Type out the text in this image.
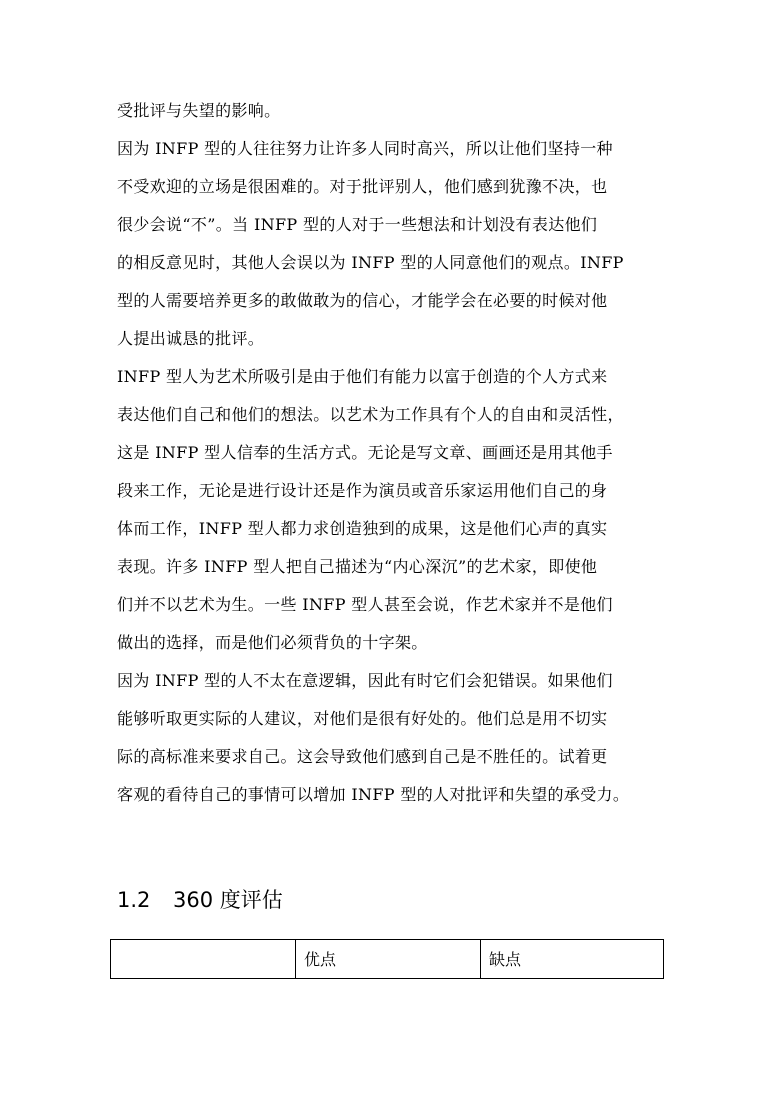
受批评与失望的影响。
因为 INFP 型的人往往努力让许多人同时高兴，所以让他们坚持一种
不受欢迎的立场是很困难的。对于批评别人，他们感到犹豫不决，也
很少会说“不”。当 INFP 型的人对于一些想法和计划没有表达他们
的相反意见时，其他人会误以为 INFP 型的人同意他们的观点。INFP
型的人需要培养更多的敢做敢为的信心，才能学会在必要的时候对他
人提出诚恳的批评。
INFP 型人为艺术所吸引是由于他们有能力以富于创造的个人方式来
表达他们自己和他们的想法。以艺术为工作具有个人的自由和灵活性，
这是 INFP 型人信奉的生活方式。无论是写文章、画画还是用其他手
段来工作，无论是进行设计还是作为演员或音乐家运用他们自己的身
体而工作，INFP 型人都力求创造独到的成果，这是他们心声的真实
表现。许多 INFP 型人把自己描述为“内心深沉”的艺术家，即使他
们并不以艺术为生。一些 INFP 型人甚至会说，作艺术家并不是他们
做出的选择，而是他们必须背负的十字架。
因为 INFP 型的人不太在意逻辑，因此有时它们会犯错误。如果他们
能够听取更实际的人建议，对他们是很有好处的。他们总是用不切实
际的高标准来要求自己。这会导致他们感到自己是不胜任的。试着更
客观的看待自己的事情可以增加 INFP 型的人对批评和失望的承受力。
1.2 360 度评估
优点	缺点
